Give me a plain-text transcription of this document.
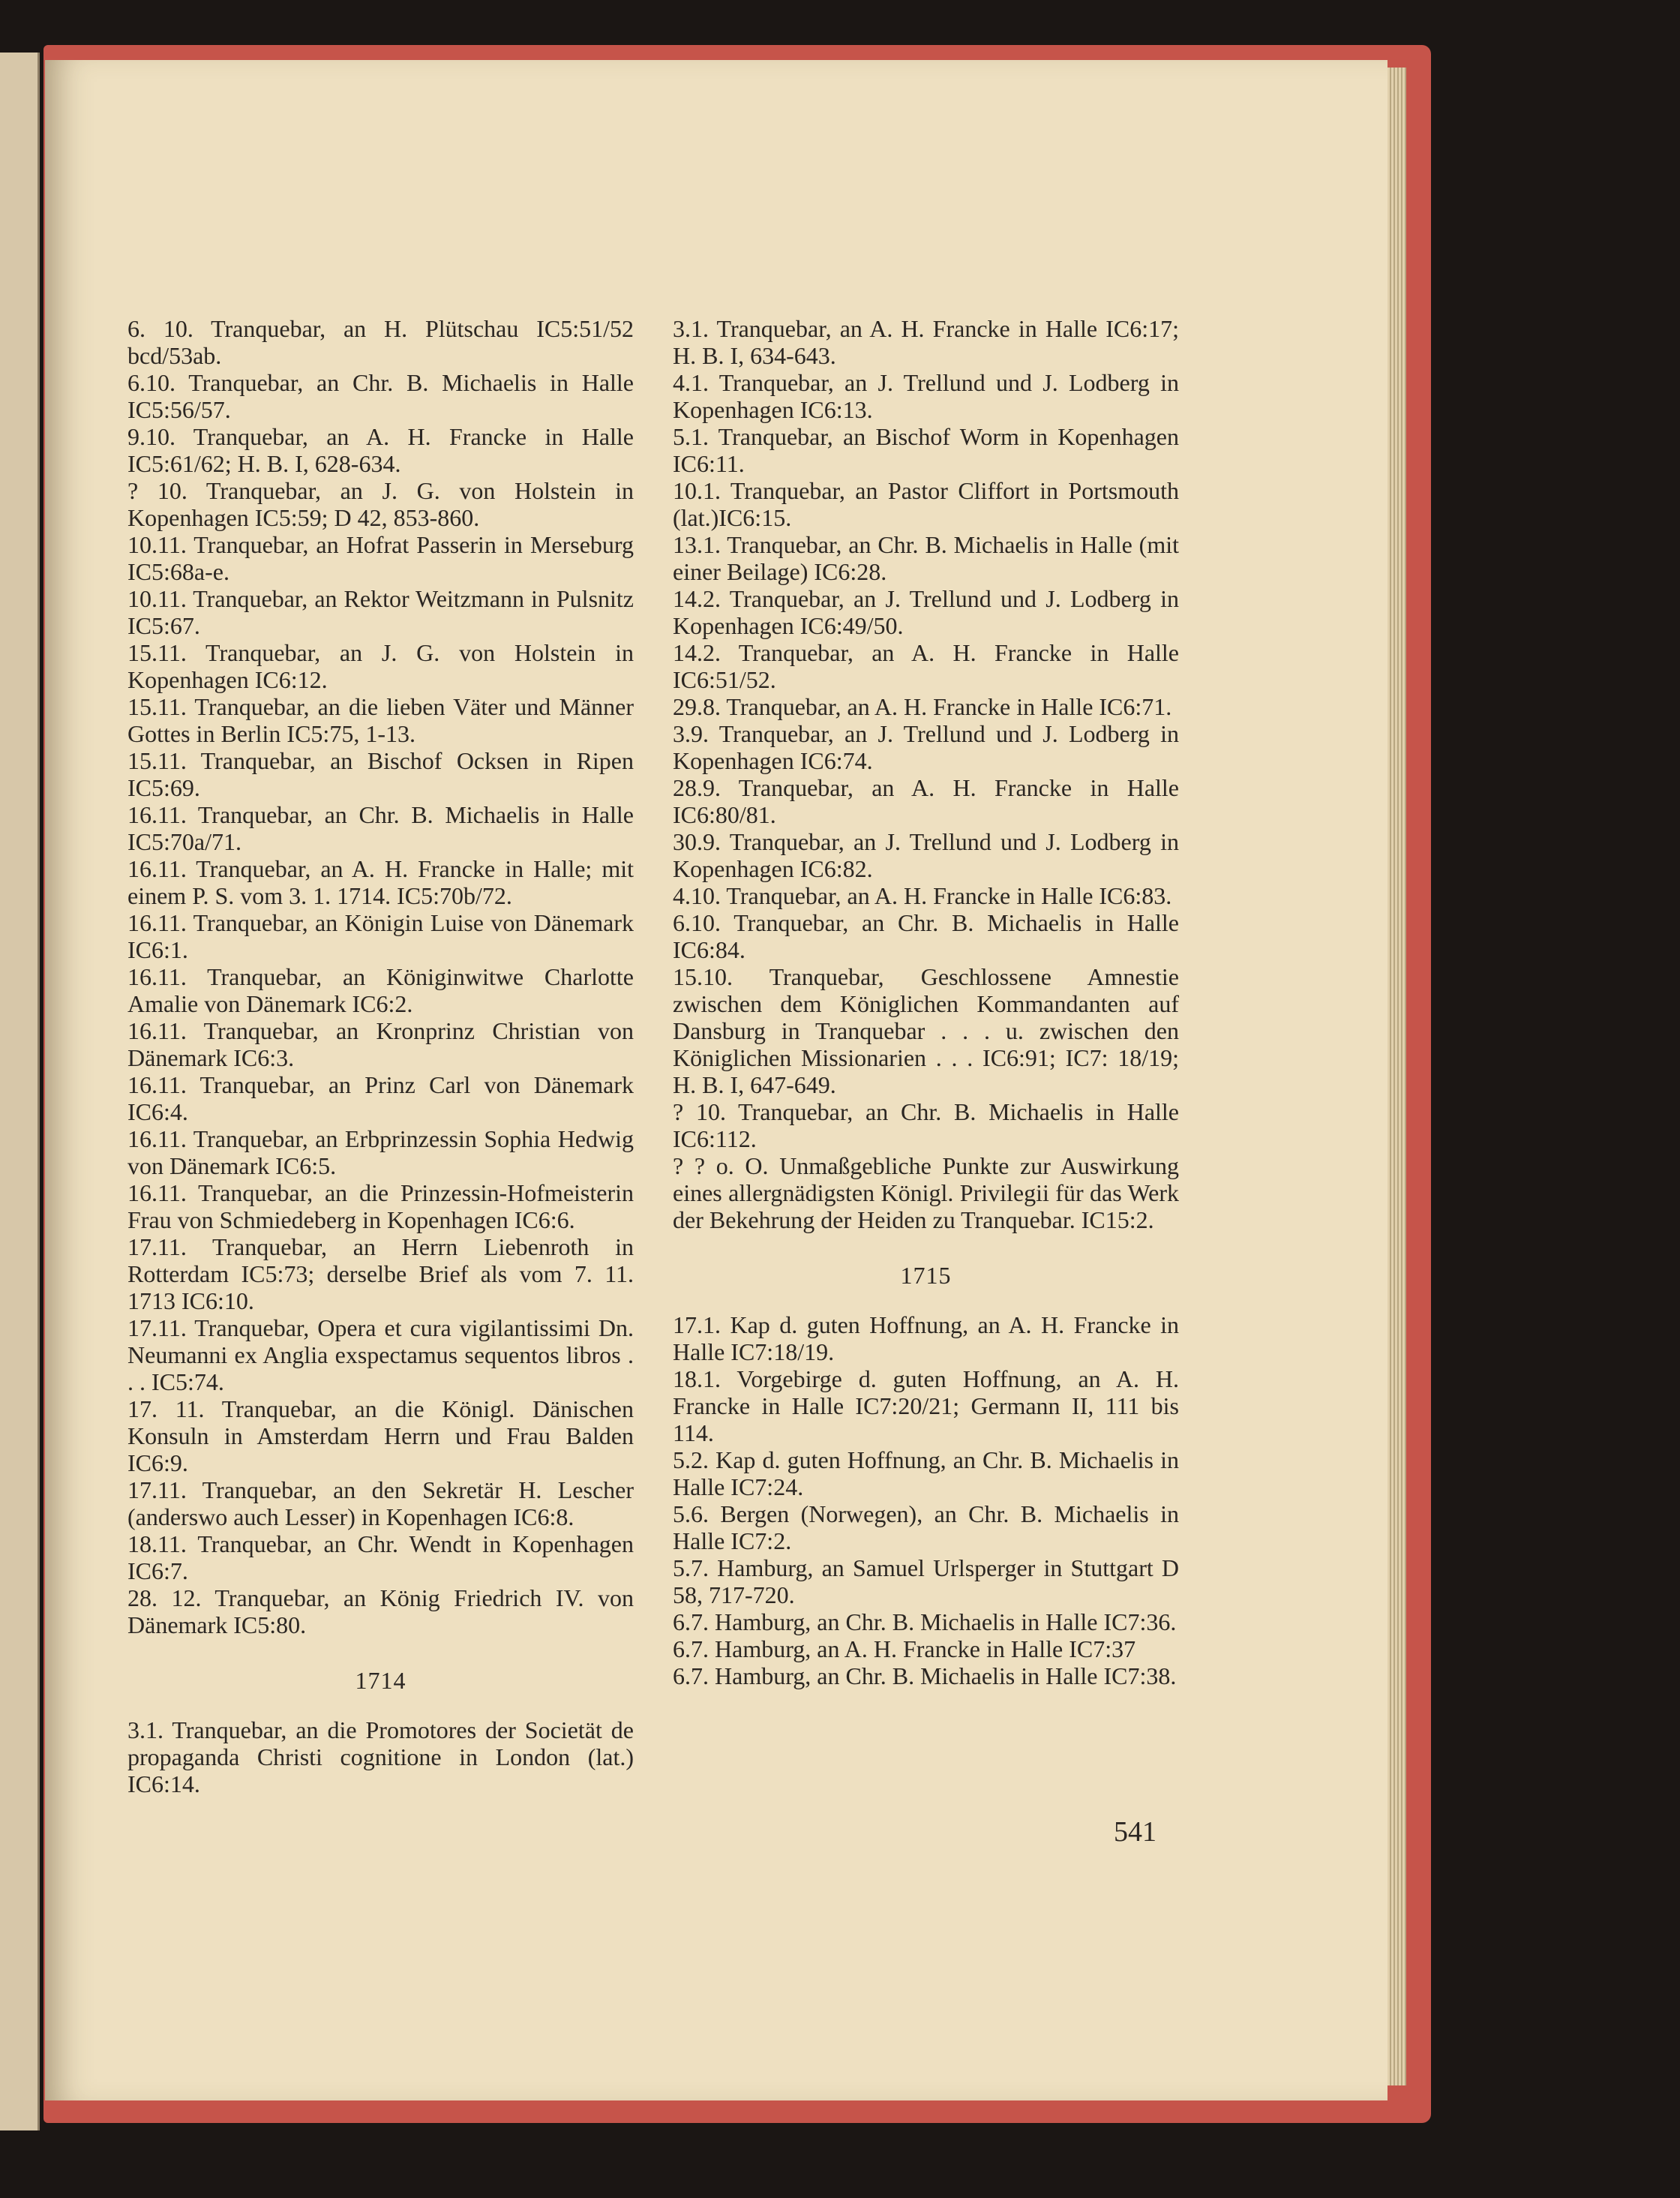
6. 10. Tranquebar, an H. Plütschau IC5:51/52 bcd/53ab.
6.10. Tranquebar, an Chr. B. Michaelis in Halle IC5:56/57.
9.10. Tranquebar, an A. H. Francke in Halle IC5:61/62; H. B. I, 628-634.
? 10. Tranquebar, an J. G. von Holstein in Kopenhagen IC5:59; D 42, 853-860.
10.11. Tranquebar, an Hofrat Passerin in Merseburg IC5:68a-e.
10.11. Tranquebar, an Rektor Weitzmann in Pulsnitz IC5:67.
15.11. Tranquebar, an J. G. von Holstein in Kopenhagen IC6:12.
15.11. Tranquebar, an die lieben Väter und Männer Gottes in Berlin IC5:75, 1-13.
15.11. Tranquebar, an Bischof Ocksen in Ripen IC5:69.
16.11. Tranquebar, an Chr. B. Michaelis in Halle IC5:70a/71.
16.11. Tranquebar, an A. H. Francke in Halle; mit einem P. S. vom 3. 1. 1714. IC5:70b/72.
16.11. Tranquebar, an Königin Luise von Dänemark IC6:1.
16.11. Tranquebar, an Königinwitwe Charlotte Amalie von Dänemark IC6:2.
16.11. Tranquebar, an Kronprinz Christian von Dänemark IC6:3.
16.11. Tranquebar, an Prinz Carl von Dänemark IC6:4.
16.11. Tranquebar, an Erbprinzessin Sophia Hedwig von Dänemark IC6:5.
16.11. Tranquebar, an die Prinzessin-Hofmeisterin Frau von Schmiedeberg in Kopenhagen IC6:6.
17.11. Tranquebar, an Herrn Liebenroth in Rotterdam IC5:73; derselbe Brief als vom 7. 11. 1713 IC6:10.
17.11. Tranquebar, Opera et cura vigilantissimi Dn. Neumanni ex Anglia exspectamus sequentos libros . . . IC5:74.
17. 11. Tranquebar, an die Königl. Dänischen Konsuln in Amsterdam Herrn und Frau Balden IC6:9.
17.11. Tranquebar, an den Sekretär H. Lescher (anderswo auch Lesser) in Kopenhagen IC6:8.
18.11. Tranquebar, an Chr. Wendt in Kopenhagen IC6:7.
28. 12. Tranquebar, an König Friedrich IV. von Dänemark IC5:80.
1714
3.1. Tranquebar, an die Promotores der Societät de propaganda Christi cognitione in London (lat.) IC6:14.
3.1. Tranquebar, an A. H. Francke in Halle IC6:17; H. B. I, 634-643.
4.1. Tranquebar, an J. Trellund und J. Lodberg in Kopenhagen IC6:13.
5.1. Tranquebar, an Bischof Worm in Kopenhagen IC6:11.
10.1. Tranquebar, an Pastor Cliffort in Portsmouth (lat.)IC6:15.
13.1. Tranquebar, an Chr. B. Michaelis in Halle (mit einer Beilage) IC6:28.
14.2. Tranquebar, an J. Trellund und J. Lodberg in Kopenhagen IC6:49/50.
14.2. Tranquebar, an A. H. Francke in Halle IC6:51/52.
29.8. Tranquebar, an A. H. Francke in Halle IC6:71.
3.9. Tranquebar, an J. Trellund und J. Lodberg in Kopenhagen IC6:74.
28.9. Tranquebar, an A. H. Francke in Halle IC6:80/81.
30.9. Tranquebar, an J. Trellund und J. Lodberg in Kopenhagen IC6:82.
4.10. Tranquebar, an A. H. Francke in Halle IC6:83.
6.10. Tranquebar, an Chr. B. Michaelis in Halle IC6:84.
15.10. Tranquebar, Geschlossene Amnestie zwischen dem Königlichen Kommandanten auf Dansburg in Tranquebar . . . u. zwischen den Königlichen Missionarien . . . IC6:91; IC7: 18/19; H. B. I, 647-649.
? 10. Tranquebar, an Chr. B. Michaelis in Halle IC6:112.
? ? o. O. Unmaßgebliche Punkte zur Auswirkung eines allergnädigsten Königl. Privilegii für das Werk der Bekehrung der Heiden zu Tranquebar. IC15:2.
1715
17.1. Kap d. guten Hoffnung, an A. H. Francke in Halle IC7:18/19.
18.1. Vorgebirge d. guten Hoffnung, an A. H. Francke in Halle IC7:20/21; Germann II, 111 bis 114.
5.2. Kap d. guten Hoffnung, an Chr. B. Michaelis in Halle IC7:24.
5.6. Bergen (Norwegen), an Chr. B. Michaelis in Halle IC7:2.
5.7. Hamburg, an Samuel Urlsperger in Stuttgart D 58, 717-720.
6.7. Hamburg, an Chr. B. Michaelis in Halle IC7:36.
6.7. Hamburg, an A. H. Francke in Halle IC7:37
6.7. Hamburg, an Chr. B. Michaelis in Halle IC7:38.
541
